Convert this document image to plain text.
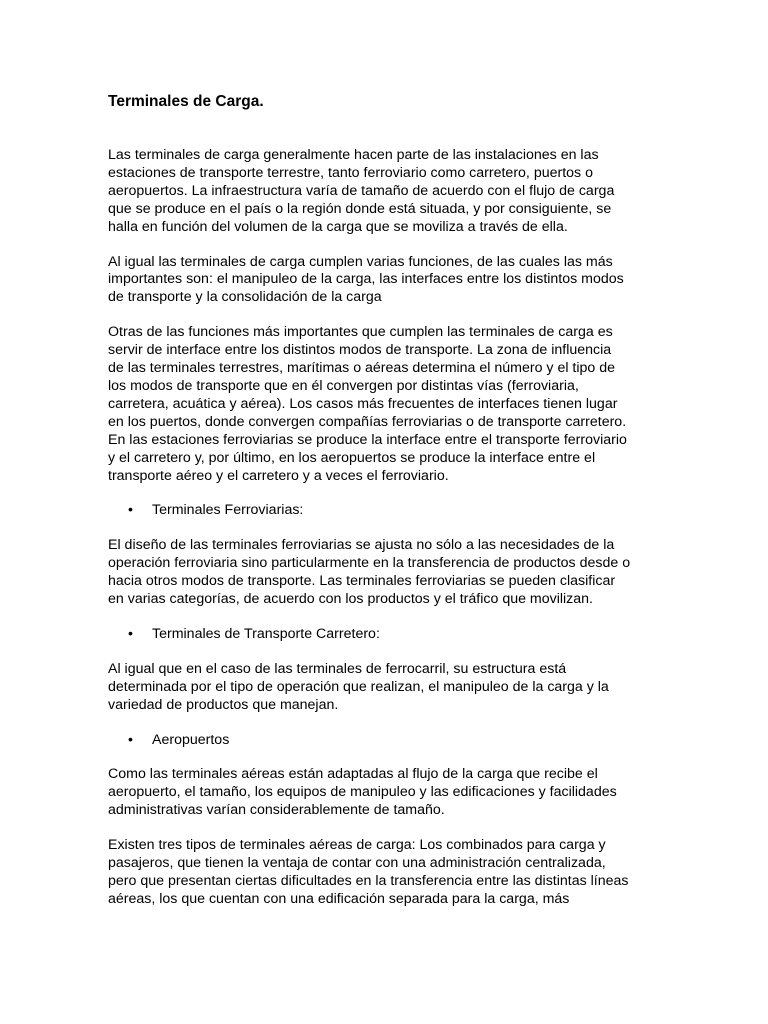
Terminales de Carga.

Las terminales de carga generalmente hacen parte de las instalaciones en las
estaciones de transporte terrestre, tanto ferroviario como carretero, puertos o
aeropuertos. La infraestructura varía de tamaño de acuerdo con el flujo de carga
que se produce en el país o la región donde está situada, y por consiguiente, se
halla en función del volumen de la carga que se moviliza a través de ella.

Al igual las terminales de carga cumplen varias funciones, de las cuales las más
importantes son: el manipuleo de la carga, las interfaces entre los distintos modos
de transporte y la consolidación de la carga

Otras de las funciones más importantes que cumplen las terminales de carga es
servir de interface entre los distintos modos de transporte. La zona de influencia
de las terminales terrestres, marítimas o aéreas determina el número y el tipo de
los modos de transporte que en él convergen por distintas vías (ferroviaria,
carretera, acuática y aérea). Los casos más frecuentes de interfaces tienen lugar
en los puertos, donde convergen compañías ferroviarias o de transporte carretero.
En las estaciones ferroviarias se produce la interface entre el transporte ferroviario
y el carretero y, por último, en los aeropuertos se produce la interface entre el
transporte aéreo y el carretero y a veces el ferroviario.

• Terminales Ferroviarias:

El diseño de las terminales ferroviarias se ajusta no sólo a las necesidades de la
operación ferroviaria sino particularmente en la transferencia de productos desde o
hacia otros modos de transporte. Las terminales ferroviarias se pueden clasificar
en varias categorías, de acuerdo con los productos y el tráfico que movilizan.

• Terminales de Transporte Carretero:

Al igual que en el caso de las terminales de ferrocarril, su estructura está
determinada por el tipo de operación que realizan, el manipuleo de la carga y la
variedad de productos que manejan.

• Aeropuertos

Como las terminales aéreas están adaptadas al flujo de la carga que recibe el
aeropuerto, el tamaño, los equipos de manipuleo y las edificaciones y facilidades
administrativas varían considerablemente de tamaño.

Existen tres tipos de terminales aéreas de carga: Los combinados para carga y
pasajeros, que tienen la ventaja de contar con una administración centralizada,
pero que presentan ciertas dificultades en la transferencia entre las distintas líneas
aéreas, los que cuentan con una edificación separada para la carga, más
